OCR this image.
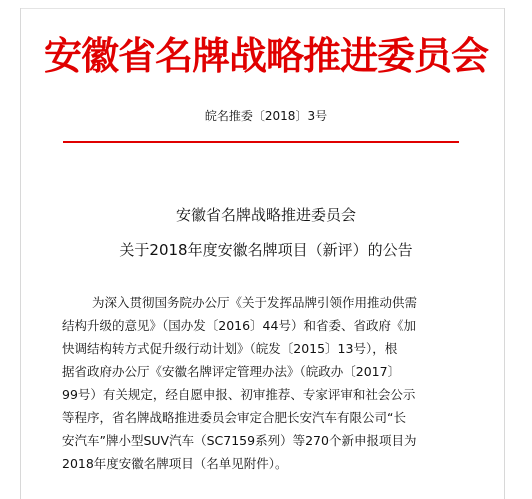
安徽省名牌战略推进委员会
皖名推委〔2018〕3号
安徽省名牌战略推进委员会
关于2018年度安徽名牌项目（新评）的公告
为深入贯彻国务院办公厅《关于发挥品牌引领作用推动供需
结构升级的意见》（国办发〔2016〕44号）和省委、省政府《加
快调结构转方式促升级行动计划》（皖发〔2015〕13号），根
据省政府办公厅《安徽名牌评定管理办法》（皖政办〔2017〕
99号）有关规定，经自愿申报、初审推荐、专家评审和社会公示
等程序，省名牌战略推进委员会审定合肥长安汽车有限公司“长
安汽车”牌小型SUV汽车（SC7159系列）等270个新申报项目为
2018年度安徽名牌项目（名单见附件）。
